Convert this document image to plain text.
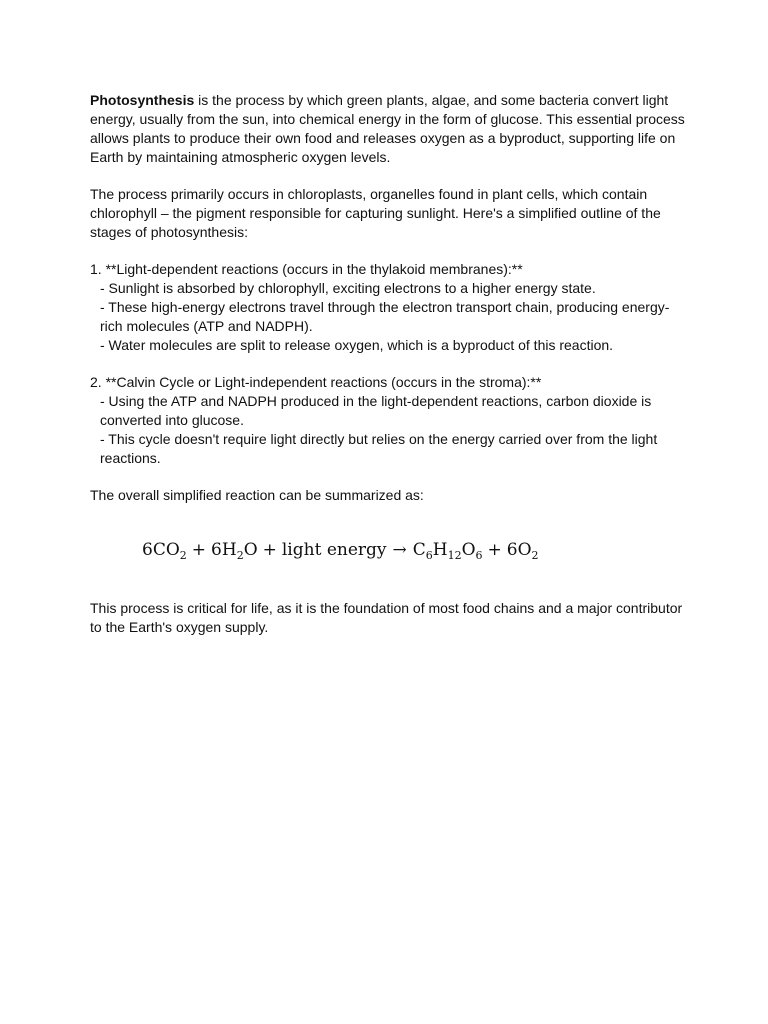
Photosynthesis is the process by which green plants, algae, and some bacteria convert light energy, usually from the sun, into chemical energy in the form of glucose. This essential process allows plants to produce their own food and releases oxygen as a byproduct, supporting life on Earth by maintaining atmospheric oxygen levels.

The process primarily occurs in chloroplasts, organelles found in plant cells, which contain chlorophyll – the pigment responsible for capturing sunlight. Here's a simplified outline of the stages of photosynthesis:

1. **Light-dependent reactions (occurs in the thylakoid membranes):**

- Sunlight is absorbed by chlorophyll, exciting electrons to a higher energy state.

- These high-energy electrons travel through the electron transport chain, producing energy-rich molecules (ATP and NADPH).

- Water molecules are split to release oxygen, which is a byproduct of this reaction.

2. **Calvin Cycle or Light-independent reactions (occurs in the stroma):**

- Using the ATP and NADPH produced in the light-dependent reactions, carbon dioxide is converted into glucose.

- This cycle doesn't require light directly but relies on the energy carried over from the light reactions.

The overall simplified reaction can be summarized as:

$6CO_2 + 6H_2O$ + light energy → $C_6H_{12}O_6 + 6O_2$

This process is critical for life, as it is the foundation of most food chains and a major contributor to the Earth's oxygen supply.
